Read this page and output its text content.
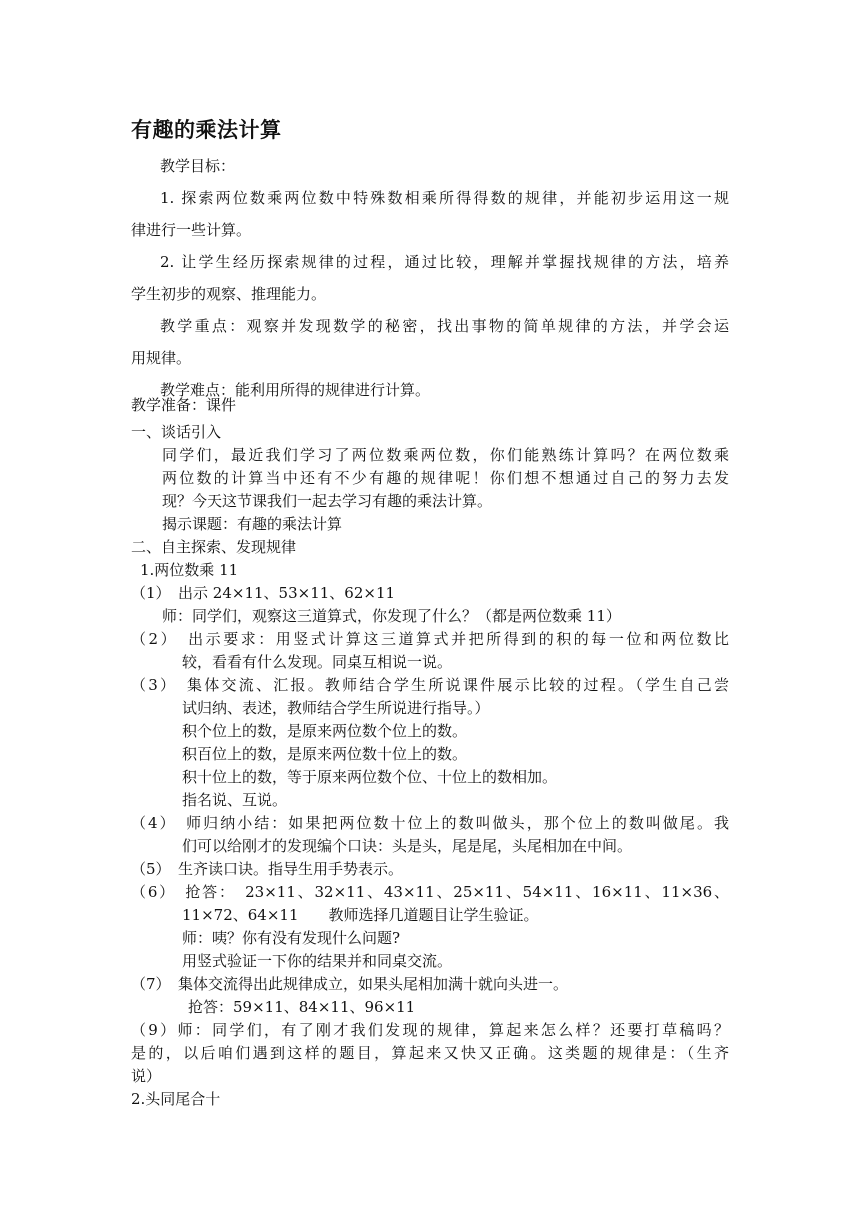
有趣的乘法计算
教学目标：
1. 探索两位数乘两位数中特殊数相乘所得得数的规律，并能初步运用这一规
律进行一些计算。
2. 让学生经历探索规律的过程，通过比较，理解并掌握找规律的方法，培养
学生初步的观察、推理能力。
教学重点：观察并发现数学的秘密，找出事物的简单规律的方法，并学会运
用规律。
教学难点：能利用所得的规律进行计算。
教学准备：课件
一、谈话引入
同学们，最近我们学习了两位数乘两位数，你们能熟练计算吗？在两位数乘
两位数的计算当中还有不少有趣的规律呢！你们想不想通过自己的努力去发
现？今天这节课我们一起去学习有趣的乘法计算。
揭示课题：有趣的乘法计算
二、自主探索、发现规律
1.两位数乘 11
（1）　出示 24×11、53×11、62×11
师：同学们，观察这三道算式，你发现了什么？（都是两位数乘 11）
（2）　出示要求：用竖式计算这三道算式并把所得到的积的每一位和两位数比
较，看看有什么发现。同桌互相说一说。
（3）　集体交流、汇报。教师结合学生所说课件展示比较的过程。（学生自己尝
试归纳、表述，教师结合学生所说进行指导。）
积个位上的数，是原来两位数个位上的数。
积百位上的数，是原来两位数十位上的数。
积十位上的数，等于原来两位数个位、十位上的数相加。
指名说、互说。
（4）　师归纳小结：如果把两位数十位上的数叫做头，那个位上的数叫做尾。我
们可以给刚才的发现编个口诀：头是头，尾是尾，头尾相加在中间。
（5）　生齐读口诀。指导生用手势表示。
（6）　抢答：　23×11、32×11、43×11、25×11、54×11、16×11、11×36、
11×72、64×11　　教师选择几道题目让学生验证。
师：咦？你有没有发现什么问题?
用竖式验证一下你的结果并和同桌交流。
（7）　集体交流得出此规律成立，如果头尾相加满十就向头进一。
抢答：59×11、84×11、96×11
（9）师：同学们，有了刚才我们发现的规律，算起来怎么样？还要打草稿吗？
是的，以后咱们遇到这样的题目，算起来又快又正确。这类题的规律是：（生齐
说）
2.头同尾合十
